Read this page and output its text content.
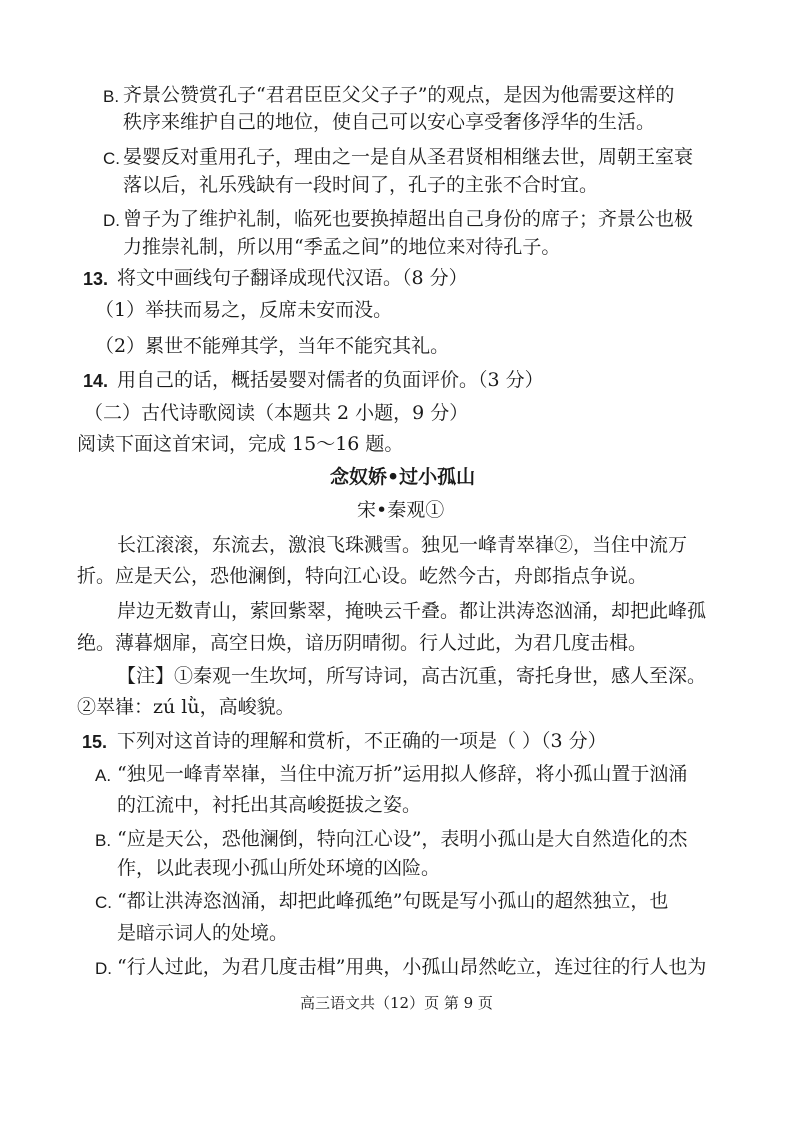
B. 齐景公赞赏孔子“君君臣臣父父子子”的观点，是因为他需要这样的
秩序来维护自己的地位，使自己可以安心享受奢侈浮华的生活。
C. 晏婴反对重用孔子，理由之一是自从圣君贤相相继去世，周朝王室衰
落以后，礼乐残缺有一段时间了，孔子的主张不合时宜。
D. 曾子为了维护礼制，临死也要换掉超出自己身份的席子；齐景公也极
力推崇礼制，所以用“季孟之间”的地位来对待孔子。
13. 将文中画线句子翻译成现代汉语。（8 分）
（1）举扶而易之，反席未安而没。
（2）累世不能殚其学，当年不能究其礼。
14. 用自己的话，概括晏婴对儒者的负面评价。（3 分）
（二）古代诗歌阅读（本题共 2 小题，9 分）
阅读下面这首宋词，完成 15～16 题。
念奴娇•过小孤山
宋•秦观①
长江滚滚，东流去，激浪飞珠溅雪。独见一峰青崒嵂②，当住中流万
折。应是天公，恐他澜倒，特向江心设。屹然今古，舟郎指点争说。
岸边无数青山，萦回紫翠，掩映云千叠。都让洪涛恣汹涌，却把此峰孤
绝。薄暮烟扉，高空日焕，谙历阴晴彻。行人过此，为君几度击楫。
【注】①秦观一生坎坷，所写诗词，高古沉重，寄托身世，感人至深。
②崒嵂：zú lǜ，高峻貌。
15. 下列对这首诗的理解和赏析，不正确的一项是（ ）（3 分）
A. “独见一峰青崒嵂，当住中流万折”运用拟人修辞，将小孤山置于汹涌
的江流中，衬托出其高峻挺拔之姿。
B. “应是天公，恐他澜倒，特向江心设”，表明小孤山是大自然造化的杰
作，以此表现小孤山所处环境的凶险。
C. “都让洪涛恣汹涌，却把此峰孤绝”句既是写小孤山的超然独立，也
是暗示词人的处境。
D. “行人过此，为君几度击楫”用典，小孤山昂然屹立，连过往的行人也为
高三语文共（12）页 第 9 页
